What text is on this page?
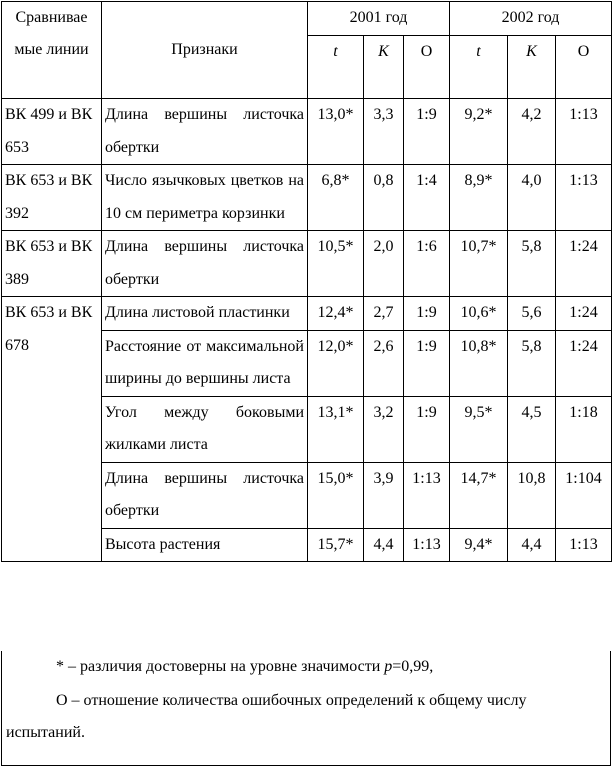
Сравнивае мые линии	Признаки	2001 год			2002 год		
		t	K	О	t	K	О
ВК 499 и ВК 653	Длина вершины листочка обертки	13,0*	3,3	1:9	9,2*	4,2	1:13
ВК 653 и ВК 392	Число язычковых цветков на 10 см периметра корзинки	6,8*	0,8	1:4	8,9*	4,0	1:13
ВК 653 и ВК 389	Длина вершины листочка обертки	10,5*	2,0	1:6	10,7*	5,8	1:24
ВК 653 и ВК 678	Длина листовой пластинки	12,4*	2,7	1:9	10,6*	5,6	1:24
	Расстояние от максимальной ширины до вершины листа	12,0*	2,6	1:9	10,8*	5,8	1:24
	Угол между боковыми жилками листа	13,1*	3,2	1:9	9,5*	4,5	1:18
	Длина вершины листочка обертки	15,0*	3,9	1:13	14,7*	10,8	1:104
	Высота растения	15,7*	4,4	1:13	9,4*	4,4	1:13

* – различия достоверны на уровне значимости p=0,99,

О – отношение количества ошибочных определений к общему числу испытаний.
